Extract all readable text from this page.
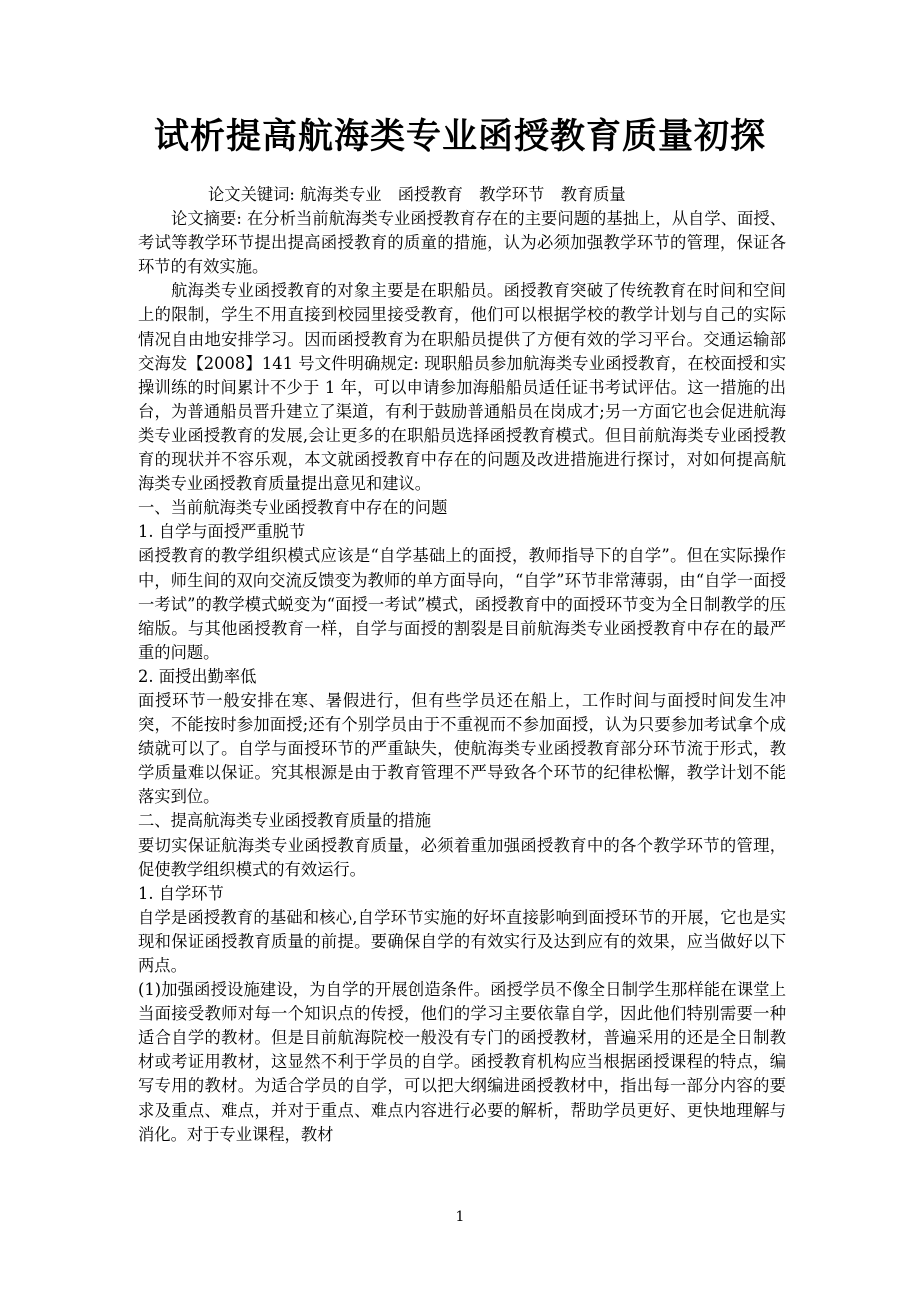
试析提高航海类专业函授教育质量初探

论文关键词: 航海类专业　函授教育　教学环节　教育质量

论文摘要: 在分析当前航海类专业函授教育存在的主要问题的基拙上，从自学、面授、考试等教学环节提出提高函授教育的质童的措施，认为必须加强教学环节的管理，保证各环节的有效实施。

航海类专业函授教育的对象主要是在职船员。函授教育突破了传统教育在时间和空间上的限制，学生不用直接到校园里接受教育，他们可以根据学校的教学计划与自己的实际情况自由地安排学习。因而函授教育为在职船员提供了方便有效的学习平台。交通运输部交海发【2008】141 号文件明确规定: 现职船员参加航海类专业函授教育，在校面授和实操训练的时间累计不少于 1 年，可以申请参加海船船员适任证书考试评估。这一措施的出台，为普通船员晋升建立了渠道，有利于鼓励普通船员在岗成才;另一方面它也会促进航海类专业函授教育的发展,会让更多的在职船员选择函授教育模式。但目前航海类专业函授教育的现状并不容乐观，本文就函授教育中存在的问题及改进措施进行探讨，对如何提高航海类专业函授教育质量提出意见和建议。

一、当前航海类专业函授教育中存在的问题

1. 自学与面授严重脱节

函授教育的教学组织模式应该是“自学基础上的面授，教师指导下的自学”。但在实际操作中，师生间的双向交流反馈变为教师的单方面导向，“自学”环节非常薄弱，由“自学一面授一考试”的教学模式蜕变为“面授一考试”模式，函授教育中的面授环节变为全日制教学的压缩版。与其他函授教育一样，自学与面授的割裂是目前航海类专业函授教育中存在的最严重的问题。

2. 面授出勤率低

面授环节一般安排在寒、暑假进行，但有些学员还在船上，工作时间与面授时间发生冲突，不能按时参加面授;还有个别学员由于不重视而不参加面授，认为只要参加考试拿个成绩就可以了。自学与面授环节的严重缺失，使航海类专业函授教育部分环节流于形式，教学质量难以保证。究其根源是由于教育管理不严导致各个环节的纪律松懈，教学计划不能落实到位。

二、提高航海类专业函授教育质量的措施

要切实保证航海类专业函授教育质量，必须着重加强函授教育中的各个教学环节的管理，促使教学组织模式的有效运行。

1. 自学环节

自学是函授教育的基础和核心,自学环节实施的好坏直接影响到面授环节的开展，它也是实现和保证函授教育质量的前提。要确保自学的有效实行及达到应有的效果，应当做好以下两点。

(1)加强函授设施建设，为自学的开展创造条件。函授学员不像全日制学生那样能在课堂上当面接受教师对每一个知识点的传授，他们的学习主要依靠自学，因此他们特别需要一种适合自学的教材。但是目前航海院校一般没有专门的函授教材，普遍采用的还是全日制教材或考证用教材，这显然不利于学员的自学。函授教育机构应当根据函授课程的特点，编写专用的教材。为适合学员的自学，可以把大纲编进函授教材中，指出每一部分内容的要求及重点、难点，并对于重点、难点内容进行必要的解析，帮助学员更好、更快地理解与消化。对于专业课程，教材

1
